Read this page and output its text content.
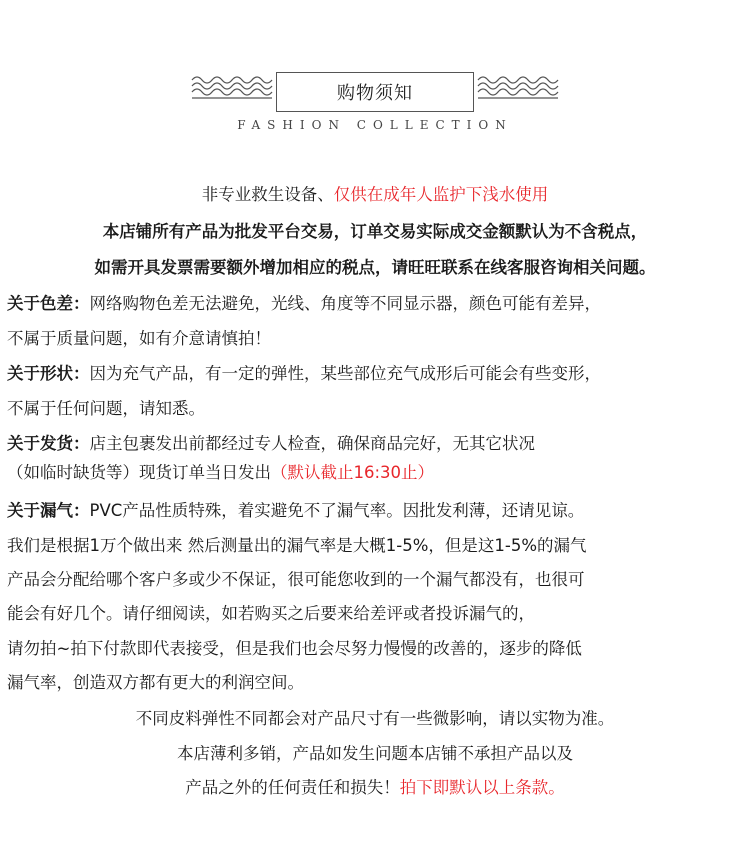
购物须知
FASHION COLLECTION
非专业救生设备、仅供在成年人监护下浅水使用
本店铺所有产品为批发平台交易，订单交易实际成交金额默认为不含税点，
如需开具发票需要额外增加相应的税点，请旺旺联系在线客服咨询相关问题。
关于色差：网络购物色差无法避免，光线、角度等不同显示器，颜色可能有差异，
不属于质量问题，如有介意请慎拍！
关于形状：因为充气产品，有一定的弹性，某些部位充气成形后可能会有些变形，
不属于任何问题，请知悉。
关于发货：店主包裹发出前都经过专人检查，确保商品完好，无其它状况
（如临时缺货等）现货订单当日发出（默认截止16:30止）
关于漏气：PVC产品性质特殊，着实避免不了漏气率。因批发利薄，还请见谅。
我们是根据1万个做出来 然后测量出的漏气率是大概1-5%，但是这1-5%的漏气
产品会分配给哪个客户多或少不保证，很可能您收到的一个漏气都没有，也很可
能会有好几个。请仔细阅读，如若购买之后要来给差评或者投诉漏气的，
请勿拍~拍下付款即代表接受，但是我们也会尽努力慢慢的改善的，逐步的降低
漏气率，创造双方都有更大的利润空间。
不同皮料弹性不同都会对产品尺寸有一些微影响，请以实物为准。
本店薄利多销，产品如发生问题本店铺不承担产品以及
产品之外的任何责任和损失！拍下即默认以上条款。
